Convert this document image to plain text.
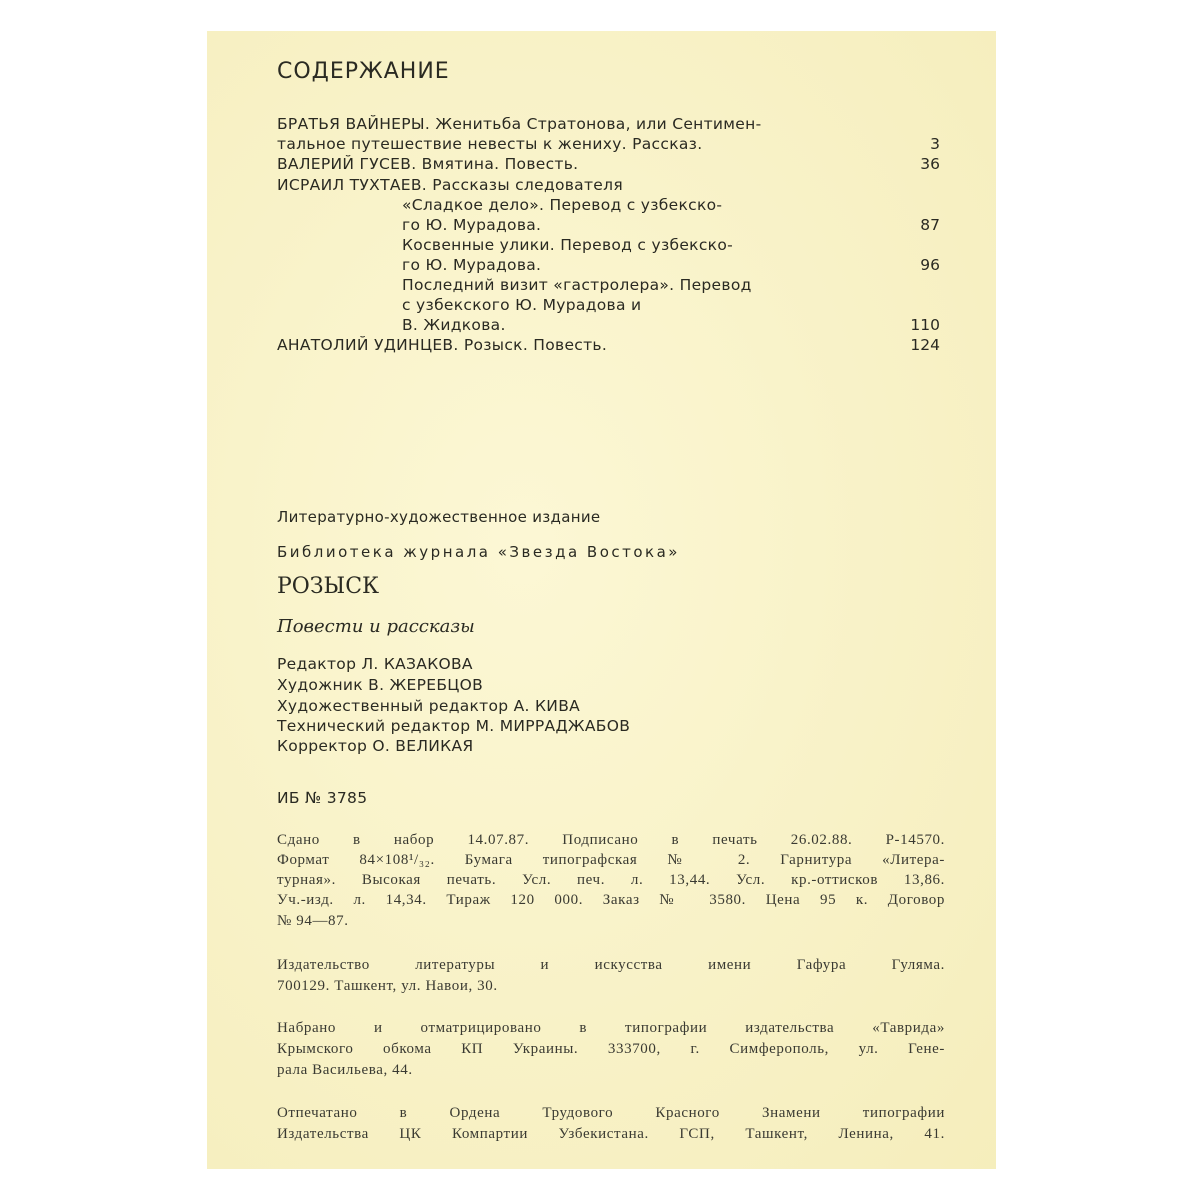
СОДЕРЖАНИЕ
БРАТЬЯ ВАЙНЕРЫ. Женитьба Стратонова, или Сентимен-
тальное путешествие невесты к жениху. Рассказ.	3
ВАЛЕРИЙ ГУСЕВ. Вмятина. Повесть.	36
ИСРАИЛ ТУХТАЕВ. Рассказы следователя
«Сладкое дело». Перевод с узбекско-
го Ю. Мурадова.	87
Косвенные улики. Перевод с узбекско-
го Ю. Мурадова.	96
Последний визит «гастролера». Перевод
с узбекского Ю. Мурадова и
В. Жидкова.	110
АНАТОЛИЙ УДИНЦЕВ. Розыск. Повесть.	124
Литературно-художественное издание
Библиотека журнала «Звезда Востока»
РОЗЫСК
Повести и рассказы
Редактор Л. КАЗАКОВА
Художник В. ЖЕРЕБЦОВ
Художественный редактор А. КИВА
Технический редактор М. МИРРАДЖАБОВ
Корректор О. ВЕЛИКАЯ
ИБ № 3785
Сдано в набор 14.07.87. Подписано в печать 26.02.88. Р-14570.
Формат 84×108¹/₃₂. Бумага типографская № 2. Гарнитура «Литера-
турная». Высокая печать. Усл. печ. л. 13,44. Усл. кр.-оттисков 13,86.
Уч.-изд. л. 14,34. Тираж 120 000. Заказ № 3580. Цена 95 к. Договор
№ 94—87.
Издательство литературы и искусства имени Гафура Гуляма.
700129. Ташкент, ул. Навои, 30.
Набрано и отматрицировано в типографии издательства «Таврида»
Крымского обкома КП Украины. 333700, г. Симферополь, ул. Гене-
рала Васильева, 44.
Отпечатано в Ордена Трудового Красного Знамени типографии
Издательства ЦК Компартии Узбекистана. ГСП, Ташкент, Ленина, 41.
